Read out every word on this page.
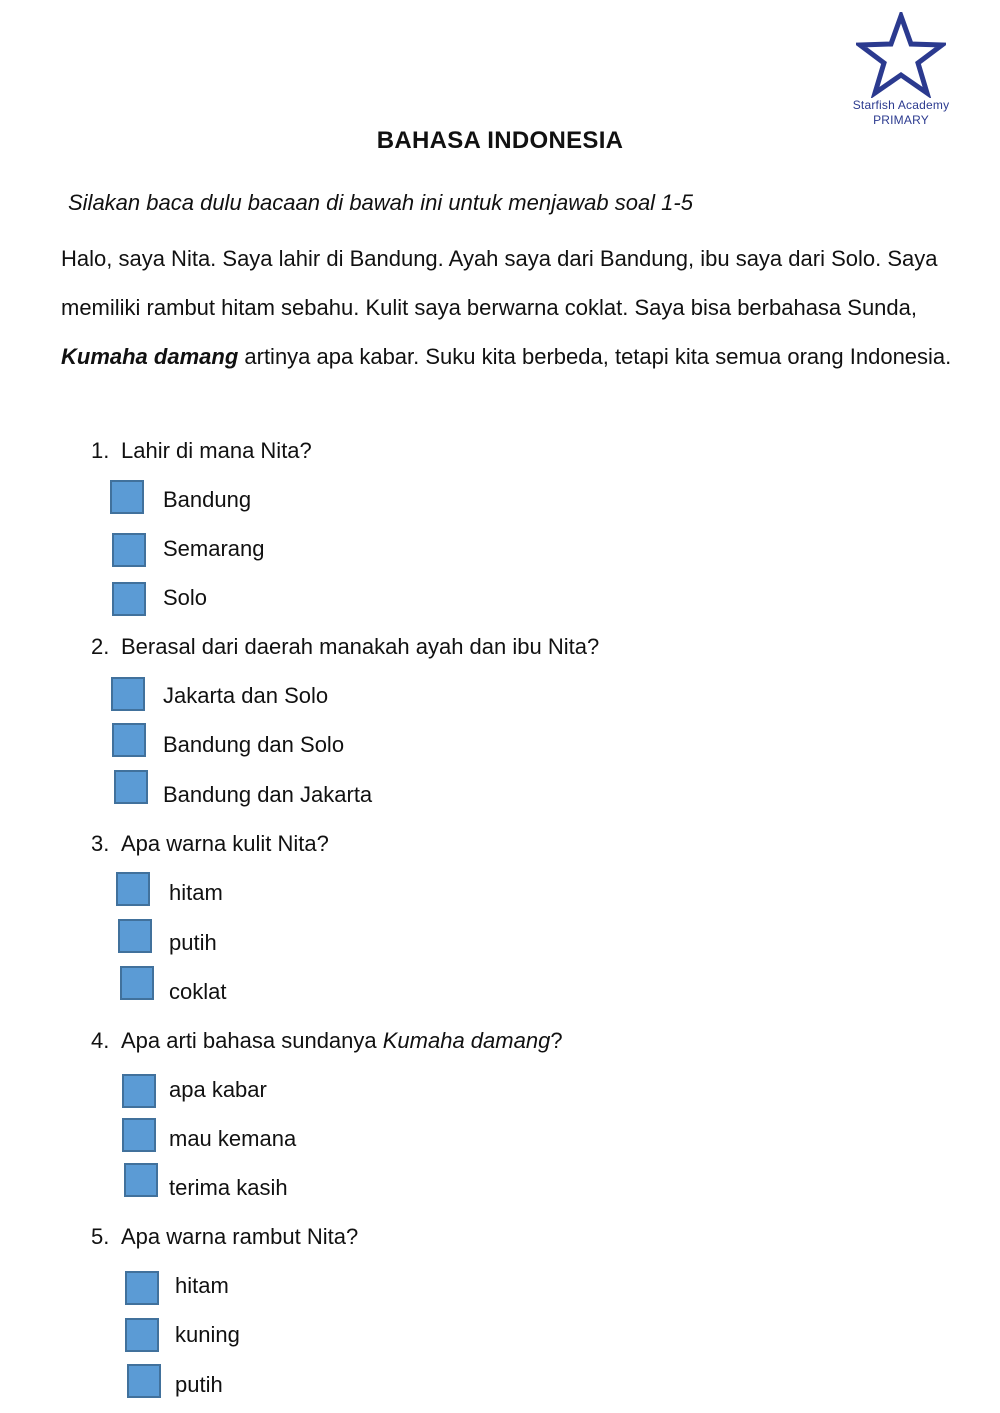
Starfish Academy
PRIMARY
BAHASA INDONESIA
Silakan baca dulu bacaan di bawah ini untuk menjawab soal 1-5
Halo, saya Nita. Saya lahir di Bandung. Ayah saya dari Bandung, ibu saya dari Solo. Saya memiliki rambut hitam sebahu. Kulit saya berwarna coklat. Saya bisa berbahasa Sunda, Kumaha damang artinya apa kabar. Suku kita berbeda, tetapi kita semua orang Indonesia.
1. Lahir di mana Nita?
Bandung
Semarang
Solo
2. Berasal dari daerah manakah ayah dan ibu Nita?
Jakarta dan Solo
Bandung dan Solo
Bandung dan Jakarta
3. Apa warna kulit Nita?
hitam
putih
coklat
4. Apa arti bahasa sundanya Kumaha damang?
apa kabar
mau kemana
terima kasih
5. Apa warna rambut Nita?
hitam
kuning
putih
